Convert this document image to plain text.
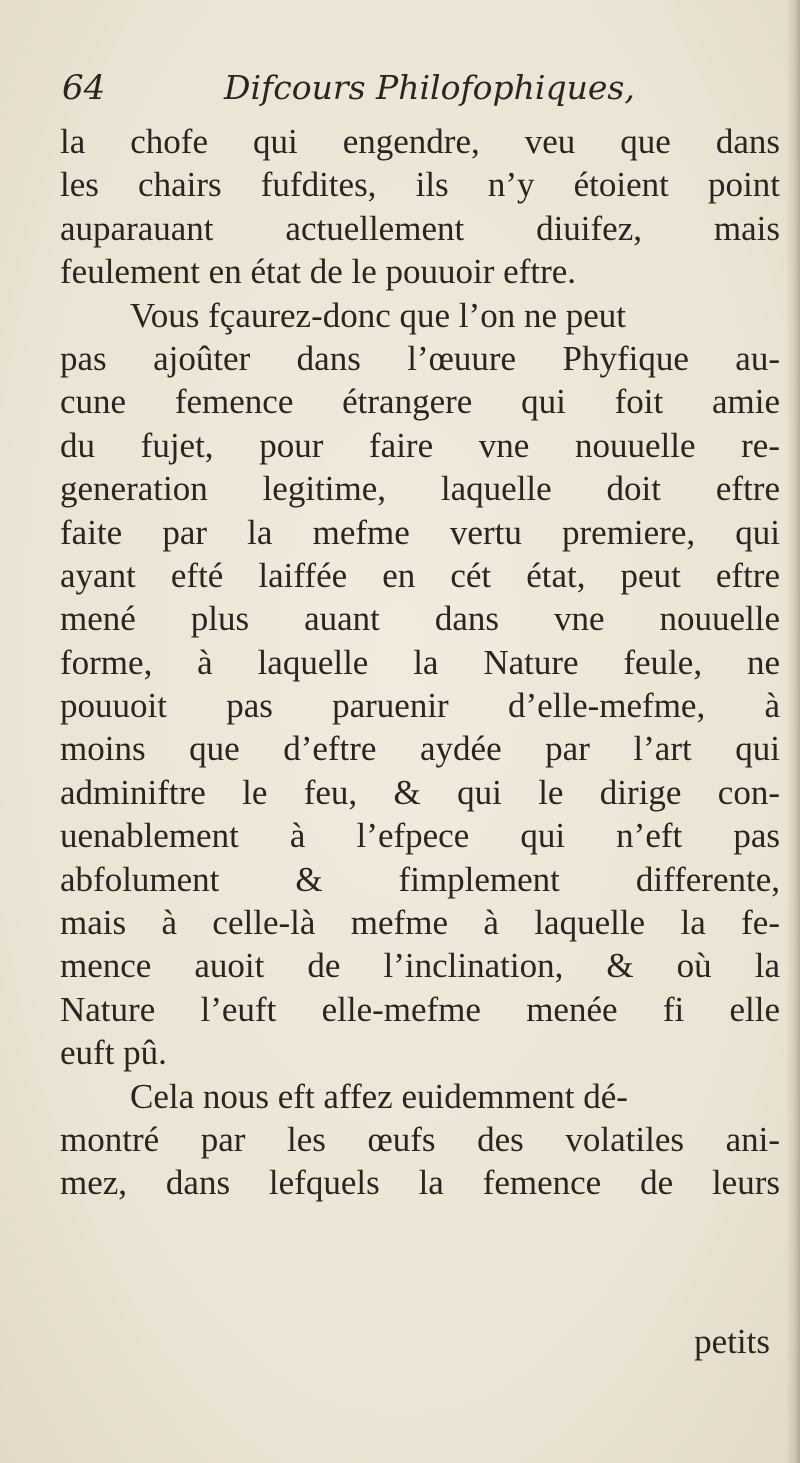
64	Difcours Philofophiques,
la chofe qui engendre, veu que dans
les chairs fufdites, ils n’y étoient point
auparauant actuellement diuifez, mais
feulement en état de le pouuoir eftre.
Vous fçaurez-donc que l’on ne peut
pas ajoûter dans l’œuure Phyfique au-
cune femence étrangere qui foit amie
du fujet, pour faire vne nouuelle re-
generation legitime, laquelle doit eftre
faite par la mefme vertu premiere, qui
ayant efté laiffée en cét état, peut eftre
mené plus auant dans vne nouuelle
forme, à laquelle la Nature feule, ne
pouuoit pas paruenir d’elle-mefme, à
moins que d’eftre aydée par l’art qui
adminiftre le feu, & qui le dirige con-
uenablement à l’efpece qui n’eft pas
abfolument & fimplement differente,
mais à celle-là mefme à laquelle la fe-
mence auoit de l’inclination, & où la
Nature l’euft elle-mefme menée fi elle
euft pû.
Cela nous eft affez euidemment dé-
montré par les œufs des volatiles ani-
mez, dans lefquels la femence de leurs
petits
